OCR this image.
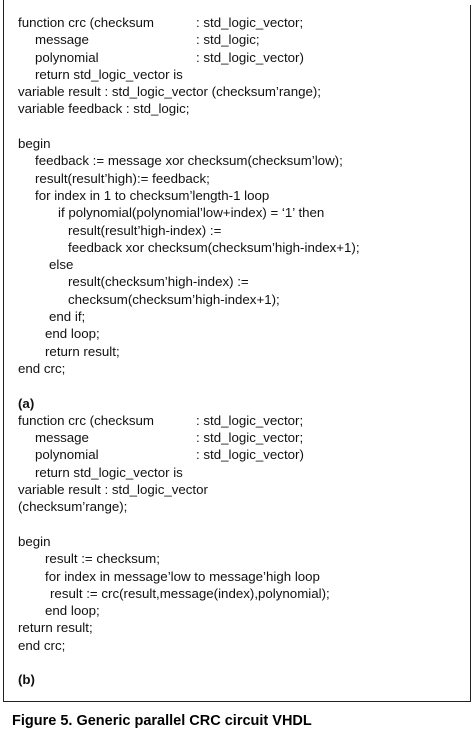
function crc (checksum	: std_logic_vector;
message	: std_logic;
polynomial	: std_logic_vector)
return std_logic_vector is
variable result : std_logic_vector (checksum’range);
variable feedback : std_logic;
begin
feedback := message xor checksum(checksum’low);
result(result’high):= feedback;
for index in 1 to checksum’length-1 loop
if polynomial(polynomial’low+index) = ‘1’ then
result(result’high-index) :=
feedback xor checksum(checksum’high-index+1);
else
result(checksum’high-index) :=
checksum(checksum’high-index+1);
end if;
end loop;
return result;
end crc;
(a)
function crc (checksum	: std_logic_vector;
message	: std_logic_vector;
polynomial	: std_logic_vector)
return std_logic_vector is
variable result : std_logic_vector
(checksum’range);
begin
result := checksum;
for index in message’low to message’high loop
result := crc(result,message(index),polynomial);
end loop;
return result;
end crc;
(b)
Figure 5. Generic parallel CRC circuit VHDL
